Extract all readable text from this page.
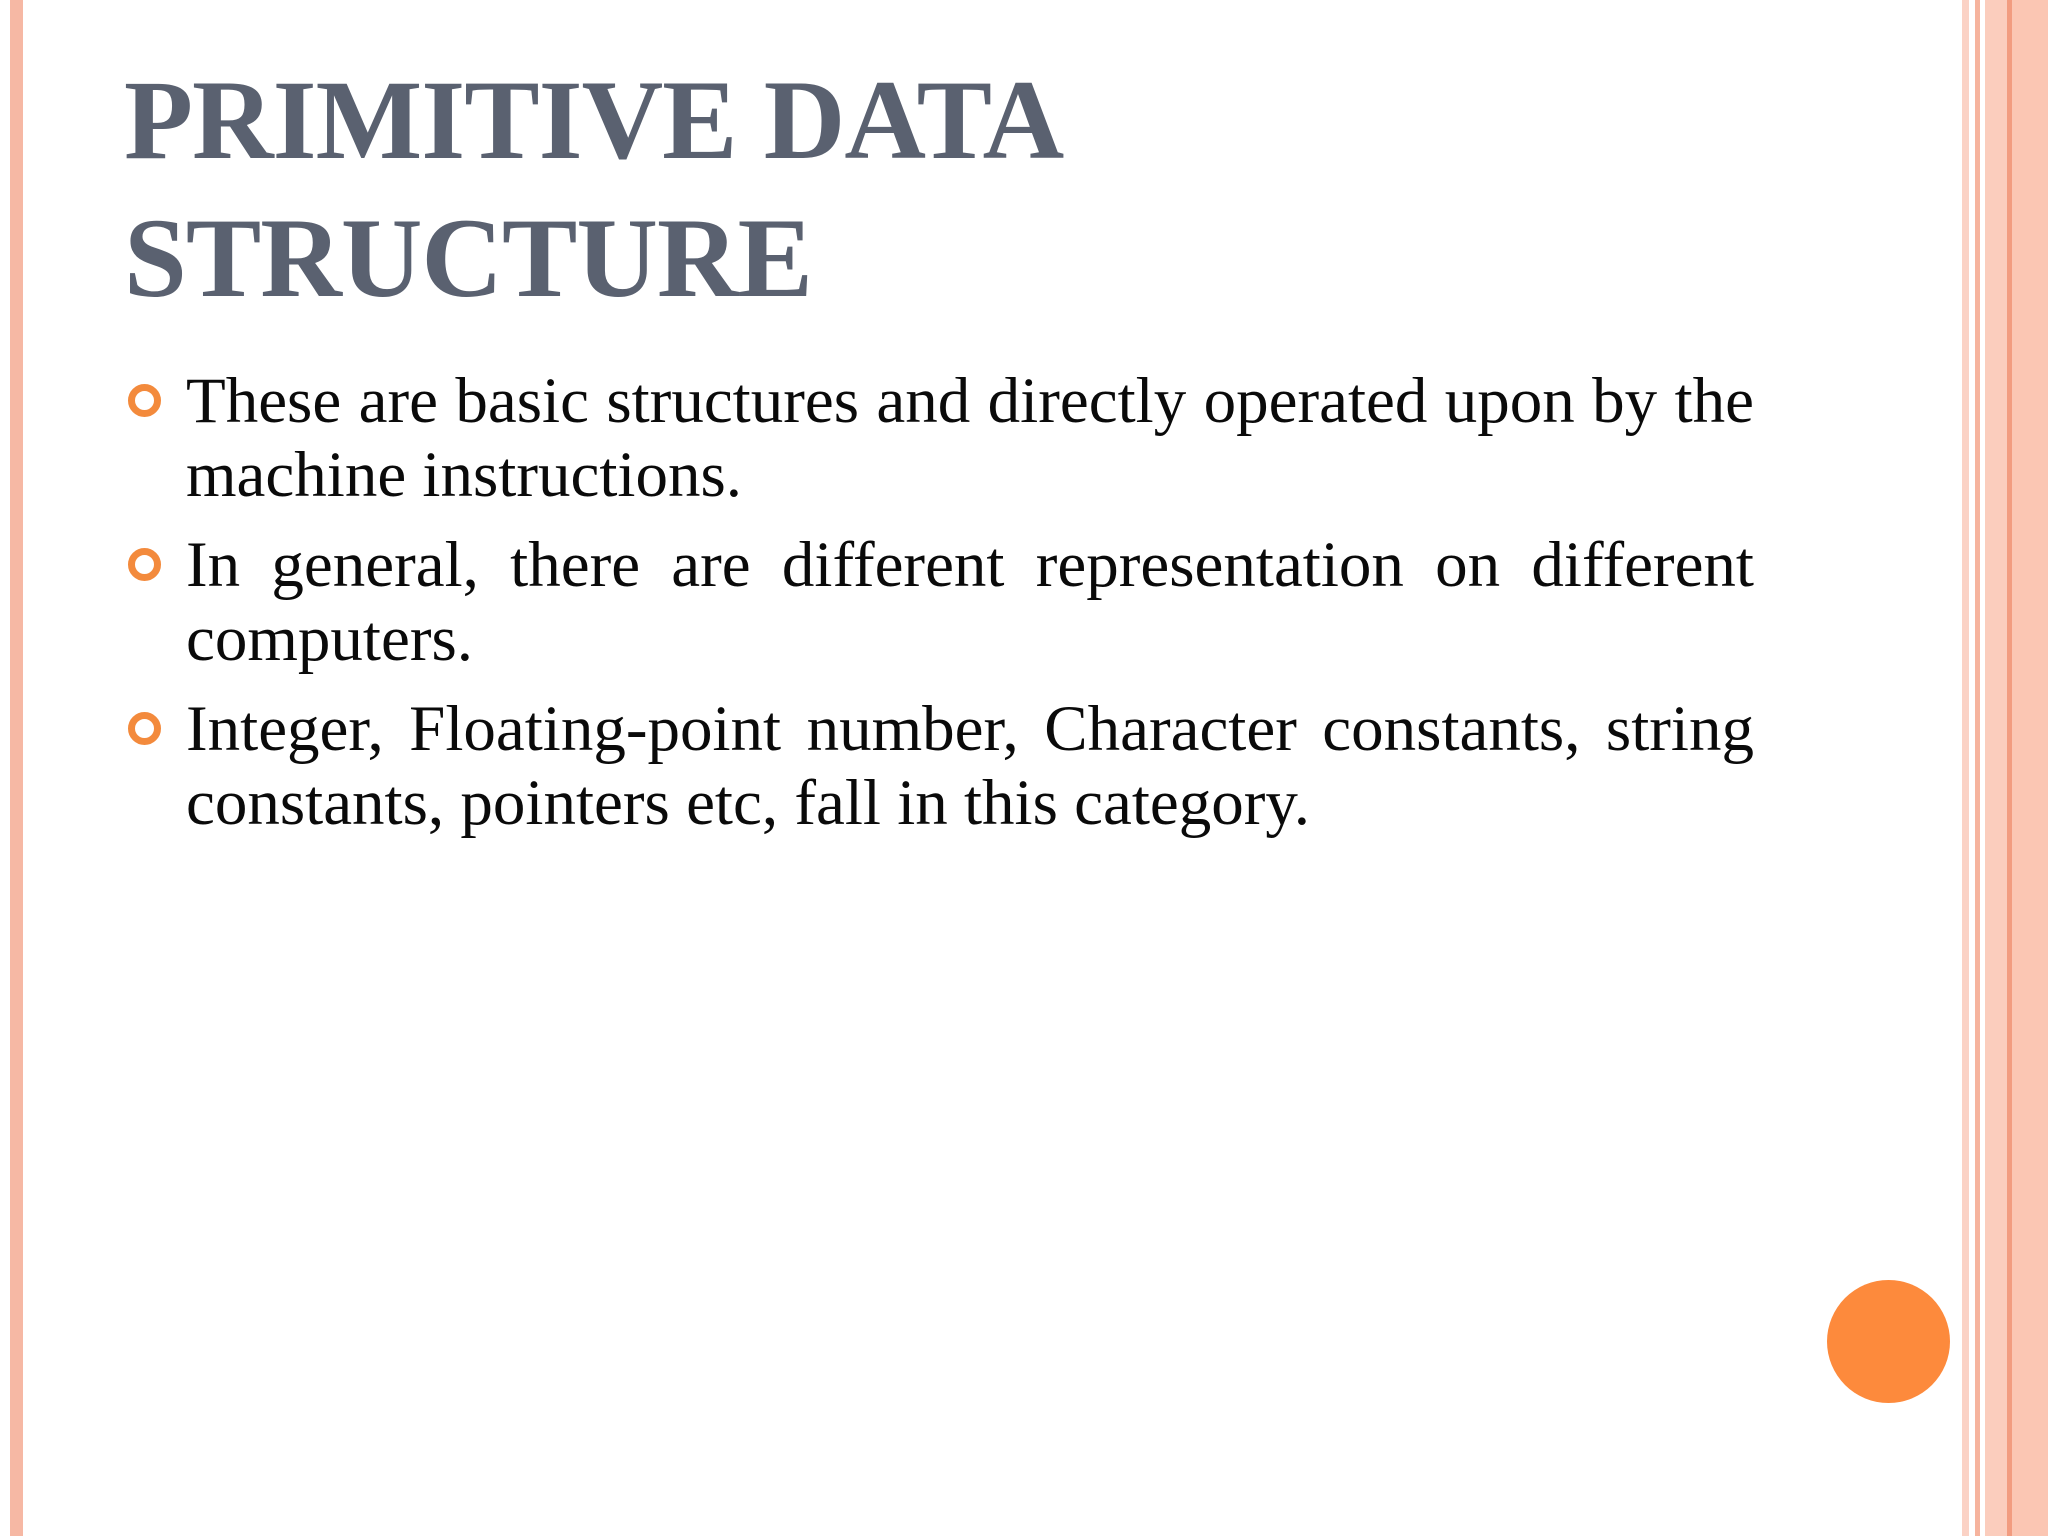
PRIMITIVE DATA
STRUCTURE
These are basic structures and directly operated upon by the machine instructions.
In general, there are different representation on different computers.
Integer, Floating-point number, Character constants, string constants, pointers etc, fall in this category.
